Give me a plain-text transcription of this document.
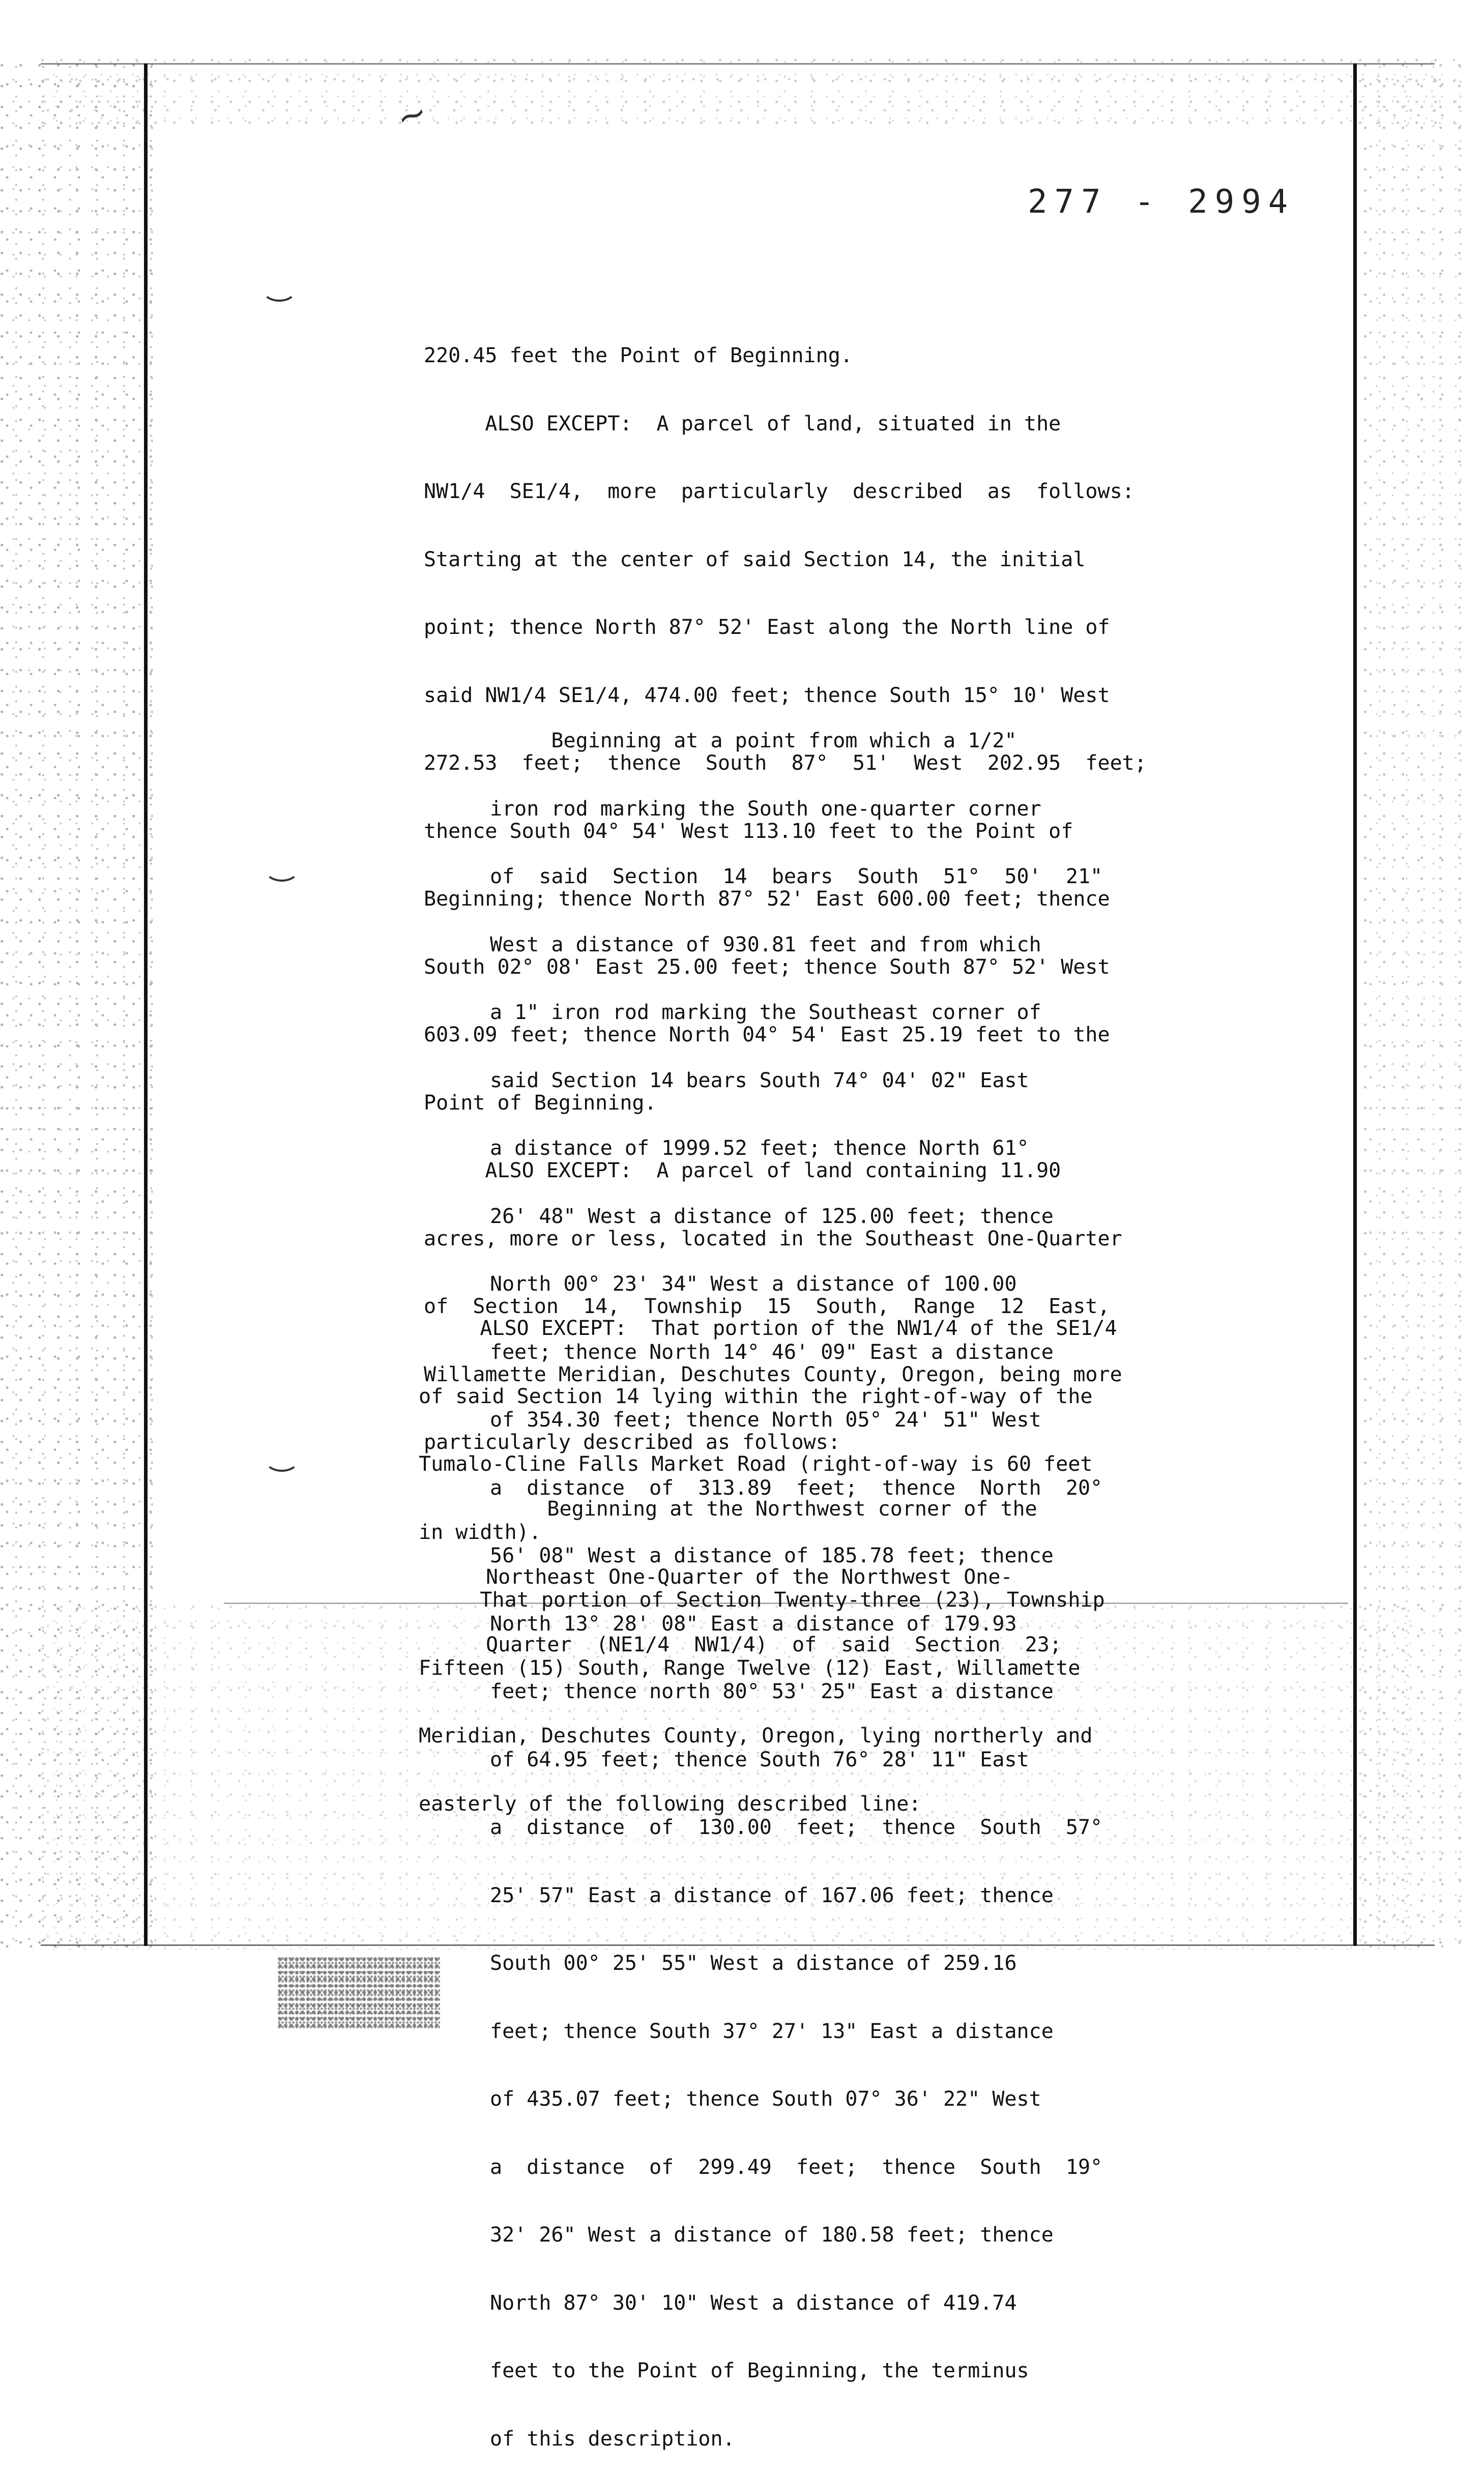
~
277 - 2994

220.45 feet the Point of Beginning.

ALSO EXCEPT:  A parcel of land, situated in the

NW1/4  SE1/4,  more  particularly  described  as  follows:

Starting at the center of said Section 14, the initial

point; thence North 87° 52' East along the North line of

said NW1/4 SE1/4, 474.00 feet; thence South 15° 10' West

272.53  feet;  thence  South  87°  51'  West  202.95  feet;

thence South 04° 54' West 113.10 feet to the Point of

Beginning; thence North 87° 52' East 600.00 feet; thence

South 02° 08' East 25.00 feet; thence South 87° 52' West

603.09 feet; thence North 04° 54' East 25.19 feet to the

Point of Beginning.

ALSO EXCEPT:  A parcel of land containing 11.90

acres, more or less, located in the Southeast One-Quarter

of  Section  14,  Township  15  South,  Range  12  East,

Willamette Meridian, Deschutes County, Oregon, being more

particularly described as follows:

Beginning at a point from which a 1/2"

iron rod marking the South one-quarter corner

of  said  Section  14  bears  South  51°  50'  21"

West a distance of 930.81 feet and from which

a 1" iron rod marking the Southeast corner of

said Section 14 bears South 74° 04' 02" East

a distance of 1999.52 feet; thence North 61°

26' 48" West a distance of 125.00 feet; thence

North 00° 23' 34" West a distance of 100.00

feet; thence North 14° 46' 09" East a distance

of 354.30 feet; thence North 05° 24' 51" West

a  distance  of  313.89  feet;  thence  North  20°

56' 08" West a distance of 185.78 feet; thence

North 13° 28' 08" East a distance of 179.93

feet; thence north 80° 53' 25" East a distance

of 64.95 feet; thence South 76° 28' 11" East

a  distance  of  130.00  feet;  thence  South  57°

25' 57" East a distance of 167.06 feet; thence

South 00° 25' 55" West a distance of 259.16

feet; thence South 37° 27' 13" East a distance

of 435.07 feet; thence South 07° 36' 22" West

a  distance  of  299.49  feet;  thence  South  19°

32' 26" West a distance of 180.58 feet; thence

North 87° 30' 10" West a distance of 419.74

feet to the Point of Beginning, the terminus

of this description.

ALSO EXCEPT:  That portion of the NW1/4 of the SE1/4

of said Section 14 lying within the right-of-way of the

Tumalo-Cline Falls Market Road (right-of-way is 60 feet

in width).

That portion of Section Twenty-three (23), Township

Fifteen (15) South, Range Twelve (12) East, Willamette

Meridian, Deschutes County, Oregon, lying northerly and

easterly of the following described line:

Beginning at the Northwest corner of the

Northeast One-Quarter of the Northwest One-

Quarter  (NE1/4  NW1/4)  of  said  Section  23;
